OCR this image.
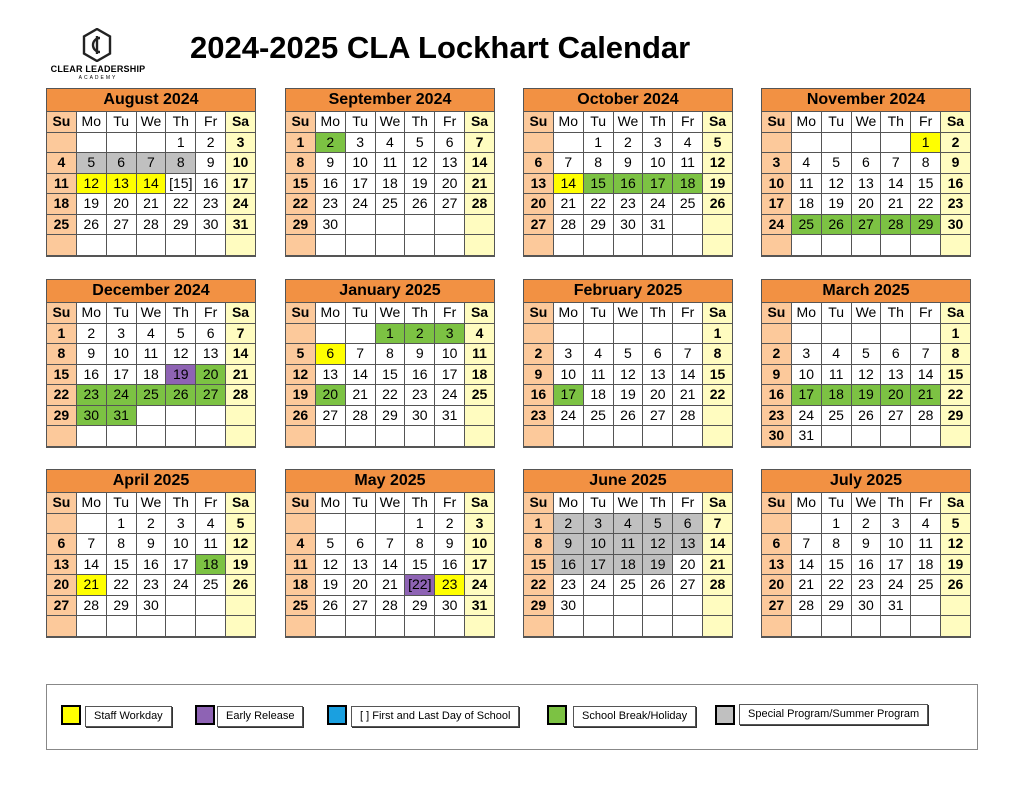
CLEAR LEADERSHIP
ACADEMY
2024-2025 CLA Lockhart Calendar
August 2024						
Su	Mo	Tu	We	Th	Fr	Sa
				1	2	3
4	5	6	7	8	9	10
11	12	13	14	[15]	16	17
18	19	20	21	22	23	24
25	26	27	28	29	30	31

September 2024						
Su	Mo	Tu	We	Th	Fr	Sa
1	2	3	4	5	6	7
8	9	10	11	12	13	14
15	16	17	18	19	20	21
22	23	24	25	26	27	28
29	30					

October 2024						
Su	Mo	Tu	We	Th	Fr	Sa
		1	2	3	4	5
6	7	8	9	10	11	12
13	14	15	16	17	18	19
20	21	22	23	24	25	26
27	28	29	30	31		

November 2024						
Su	Mo	Tu	We	Th	Fr	Sa
					1	2
3	4	5	6	7	8	9
10	11	12	13	14	15	16
17	18	19	20	21	22	23
24	25	26	27	28	29	30

December 2024						
Su	Mo	Tu	We	Th	Fr	Sa
1	2	3	4	5	6	7
8	9	10	11	12	13	14
15	16	17	18	19	20	21
22	23	24	25	26	27	28
29	30	31				

January 2025						
Su	Mo	Tu	We	Th	Fr	Sa
			1	2	3	4
5	6	7	8	9	10	11
12	13	14	15	16	17	18
19	20	21	22	23	24	25
26	27	28	29	30	31	

February 2025						
Su	Mo	Tu	We	Th	Fr	Sa
						1
2	3	4	5	6	7	8
9	10	11	12	13	14	15
16	17	18	19	20	21	22
23	24	25	26	27	28	

March 2025						
Su	Mo	Tu	We	Th	Fr	Sa
						1
2	3	4	5	6	7	8
9	10	11	12	13	14	15
16	17	18	19	20	21	22
23	24	25	26	27	28	29
30	31					
April 2025						
Su	Mo	Tu	We	Th	Fr	Sa
		1	2	3	4	5
6	7	8	9	10	11	12
13	14	15	16	17	18	19
20	21	22	23	24	25	26
27	28	29	30			

May 2025						
Su	Mo	Tu	We	Th	Fr	Sa
				1	2	3
4	5	6	7	8	9	10
11	12	13	14	15	16	17
18	19	20	21	[22]	23	24
25	26	27	28	29	30	31

June 2025						
Su	Mo	Tu	We	Th	Fr	Sa
1	2	3	4	5	6	7
8	9	10	11	12	13	14
15	16	17	18	19	20	21
22	23	24	25	26	27	28
29	30					

July 2025						
Su	Mo	Tu	We	Th	Fr	Sa
		1	2	3	4	5
6	7	8	9	10	11	12
13	14	15	16	17	18	19
20	21	22	23	24	25	26
27	28	29	30	31		

Staff Workday	Early Release	[ ] First and Last Day of School	School Break/Holiday	Special Program/Summer Program
